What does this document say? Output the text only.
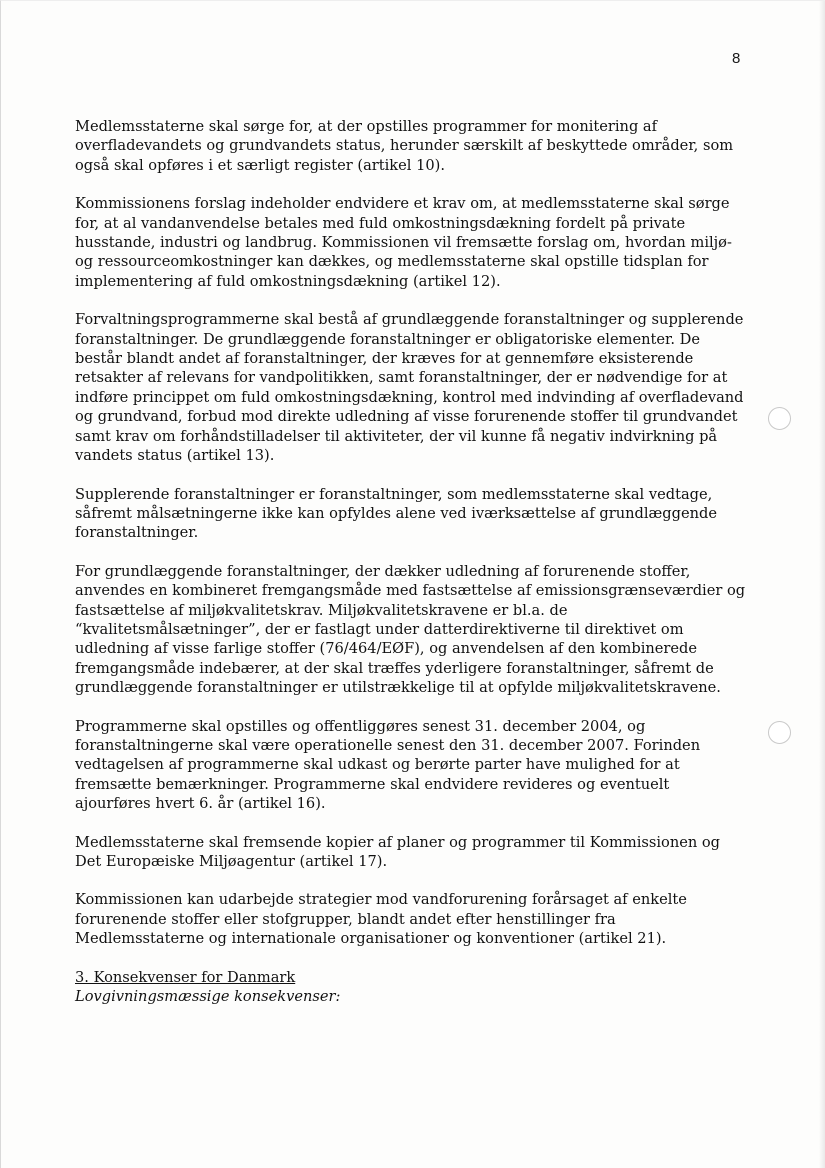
8

Medlemsstaterne skal sørge for, at der opstilles programmer for monitering af overfladevandets og grundvandets status, herunder særskilt af beskyttede områder, som også skal opføres i et særligt register (artikel 10).

Kommissionens forslag indeholder endvidere et krav om, at medlemsstaterne skal sørge for, at al vandanvendelse betales med fuld omkostningsdækning fordelt på private husstande, industri og landbrug. Kommissionen vil fremsætte forslag om, hvordan miljø- og ressourceomkostninger kan dækkes, og medlemsstaterne skal opstille tidsplan for implementering af fuld omkostningsdækning (artikel 12).

Forvaltningsprogrammerne skal bestå af grundlæggende foranstaltninger og supplerende foranstaltninger. De grundlæggende foranstaltninger er obligatoriske elementer. De består blandt andet af foranstaltninger, der kræves for at gennemføre eksisterende retsakter af relevans for vandpolitikken, samt foranstaltninger, der er nødvendige for at indføre princippet om fuld omkostningsdækning, kontrol med indvinding af overfladevand og grundvand, forbud mod direkte udledning af visse forurenende stoffer til grundvandet samt krav om forhåndstilladelser til aktiviteter, der vil kunne få negativ indvirkning på vandets status (artikel 13).

Supplerende foranstaltninger er foranstaltninger, som medlemsstaterne skal vedtage, såfremt målsætningerne ikke kan opfyldes alene ved iværksættelse af grundlæggende foranstaltninger.

For grundlæggende foranstaltninger, der dækker udledning af forurenende stoffer, anvendes en kombineret fremgangsmåde med fastsættelse af emissionsgrænseværdier og fastsættelse af miljøkvalitetskrav. Miljøkvalitetskravene er bl.a. de “kvalitetsmålsætninger”, der er fastlagt under datterdirektiverne til direktivet om udledning af visse farlige stoffer (76/464/EØF), og anvendelsen af den kombinerede fremgangsmåde indebærer, at der skal træffes yderligere foranstaltninger, såfremt de grundlæggende foranstaltninger er utilstrækkelige til at opfylde miljøkvalitetskravene.

Programmerne skal opstilles og offentliggøres senest 31. december 2004, og foranstaltningerne skal være operationelle senest den 31. december 2007. Forinden vedtagelsen af programmerne skal udkast og berørte parter have mulighed for at fremsætte bemærkninger. Programmerne skal endvidere revideres og eventuelt ajourføres hvert 6. år (artikel 16).

Medlemsstaterne skal fremsende kopier af planer og programmer til Kommissionen og Det Europæiske Miljøagentur (artikel 17).

Kommissionen kan udarbejde strategier mod vandforurening forårsaget af enkelte forurenende stoffer eller stofgrupper, blandt andet efter henstillinger fra Medlemsstaterne og internationale organisationer og konventioner (artikel 21).

3. Konsekvenser for Danmark

Lovgivningsmæssige konsekvenser:
